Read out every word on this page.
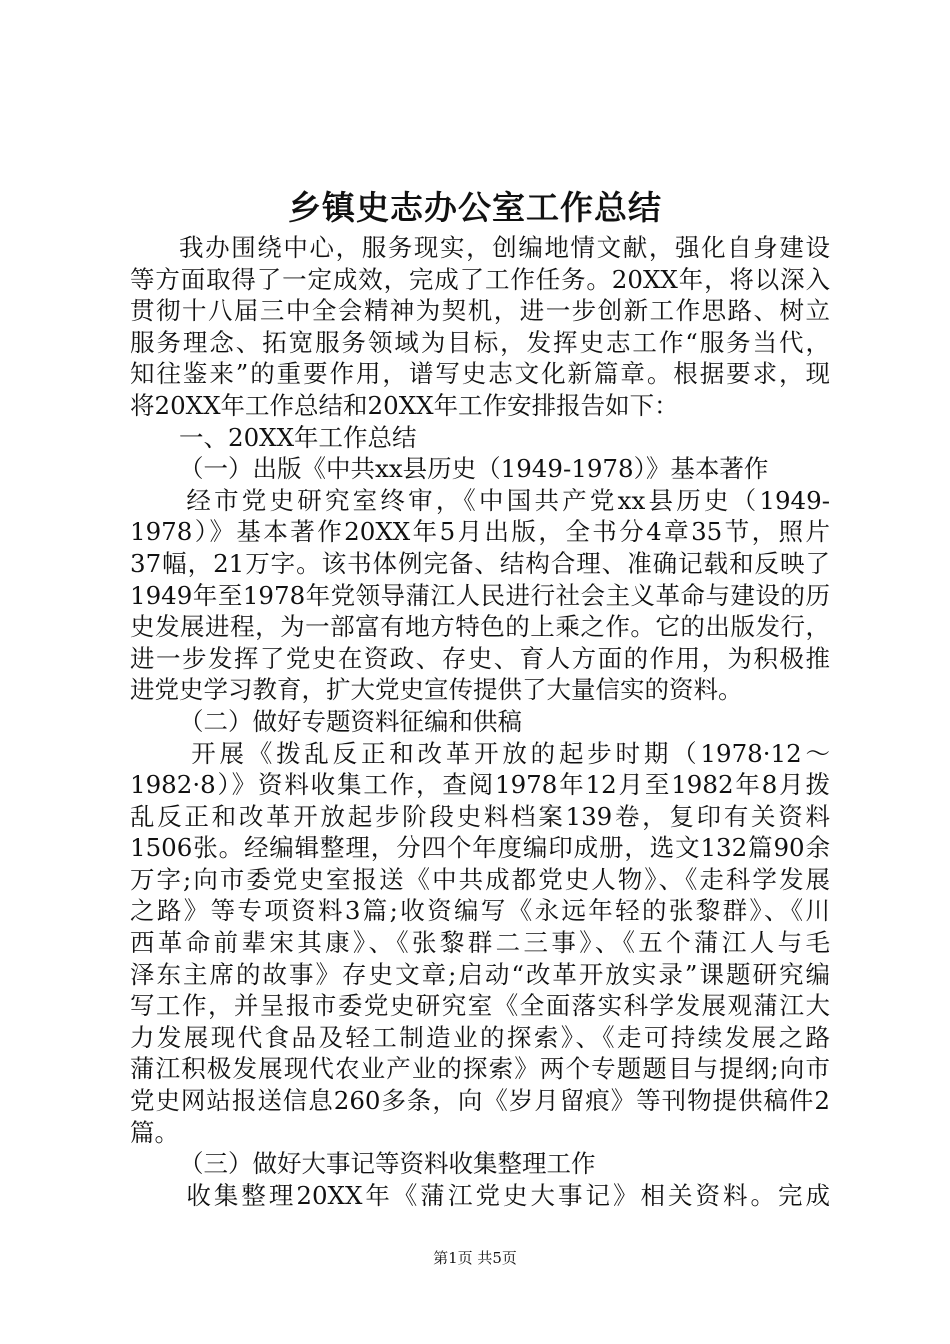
乡镇史志办公室工作总结
我办围绕中心，服务现实，创编地情文献，强化自身建设
等方面取得了一定成效，完成了工作任务。20XX年，将以深入
贯彻十八届三中全会精神为契机，进一步创新工作思路、树立
服务理念、拓宽服务领域为目标，发挥史志工作“服务当代，
知往鉴来”的重要作用，谱写史志文化新篇章。根据要求，现
将20XX年工作总结和20XX年工作安排报告如下：
一、20XX年工作总结
（一）出版《中共xx县历史（1949-1978）》基本著作
经市党史研究室终审，《中国共产党xx县历史（1949-
1978）》基本著作20XX年5月出版，全书分4章35节，照片
37幅，21万字。该书体例完备、结构合理、准确记载和反映了
1949年至1978年党领导蒲江人民进行社会主义革命与建设的历
史发展进程，为一部富有地方特色的上乘之作。它的出版发行，
进一步发挥了党史在资政、存史、育人方面的作用，为积极推
进党史学习教育，扩大党史宣传提供了大量信实的资料。
（二）做好专题资料征编和供稿
开展《拨乱反正和改革开放的起步时期（1978·12～
1982·8）》资料收集工作，查阅1978年12月至1982年8月拨
乱反正和改革开放起步阶段史料档案139卷，复印有关资料
1506张。经编辑整理，分四个年度编印成册，选文132篇90余
万字;向市委党史室报送《中共成都党史人物》、《走科学发展
之路》等专项资料3篇;收资编写《永远年轻的张黎群》、《川
西革命前辈宋其康》、《张黎群二三事》、《五个蒲江人与毛
泽东主席的故事》存史文章;启动“改革开放实录”课题研究编
写工作，并呈报市委党史研究室《全面落实科学发展观蒲江大
力发展现代食品及轻工制造业的探索》、《走可持续发展之路
蒲江积极发展现代农业产业的探索》两个专题题目与提纲;向市
党史网站报送信息260多条，向《岁月留痕》等刊物提供稿件2
篇。
（三）做好大事记等资料收集整理工作
收集整理20XX年《蒲江党史大事记》相关资料。完成
第1页 共5页
